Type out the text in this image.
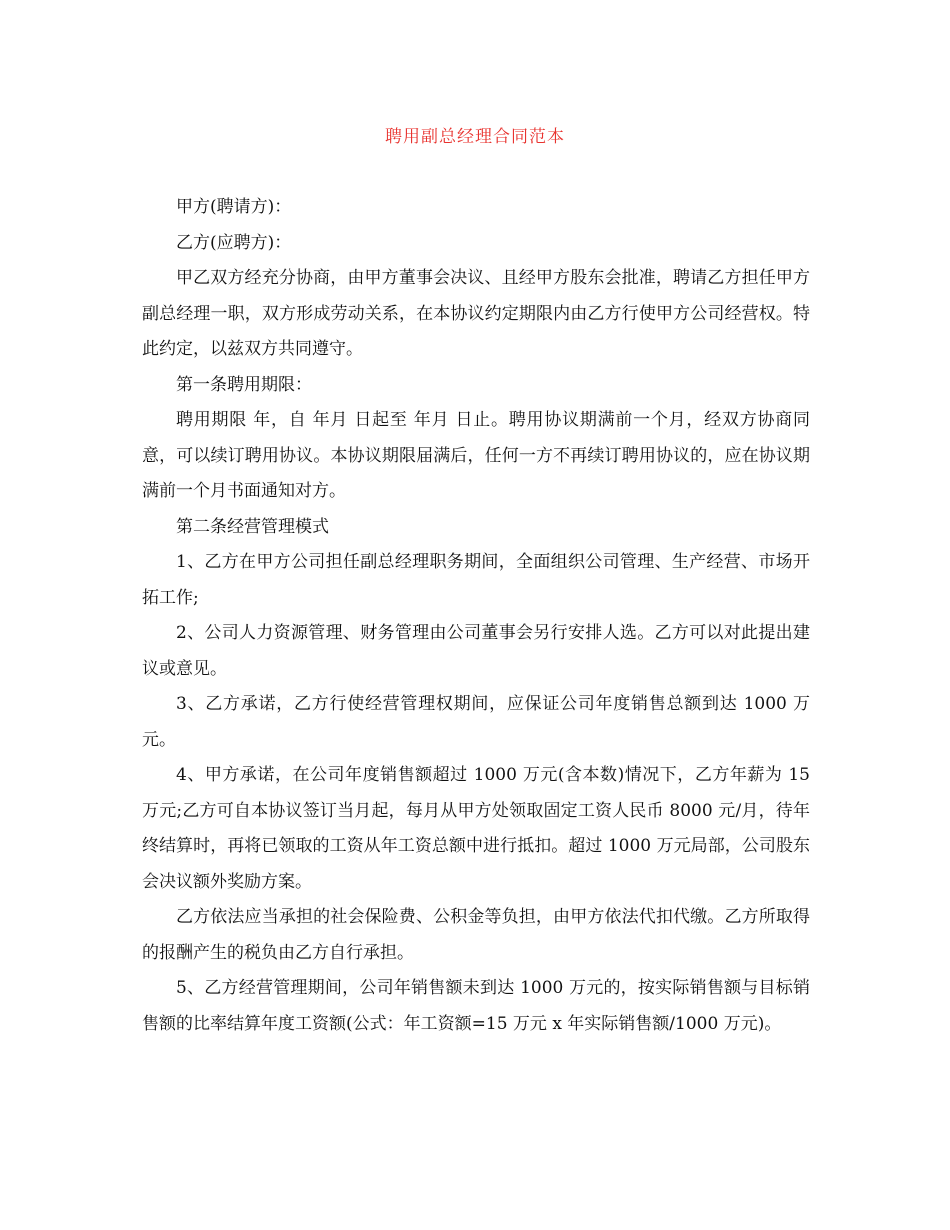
聘用副总经理合同范本

甲方(聘请方)：

乙方(应聘方)：

甲乙双方经充分协商，由甲方董事会决议、且经甲方股东会批准，聘请乙方担任甲方副总经理一职，双方形成劳动关系，在本协议约定期限内由乙方行使甲方公司经营权。特此约定，以兹双方共同遵守。

第一条聘用期限：

聘用期限 年，自 年月 日起至 年月 日止。聘用协议期满前一个月，经双方协商同意，可以续订聘用协议。本协议期限届满后，任何一方不再续订聘用协议的，应在协议期满前一个月书面通知对方。

第二条经营管理模式

1、乙方在甲方公司担任副总经理职务期间，全面组织公司管理、生产经营、市场开拓工作;

2、公司人力资源管理、财务管理由公司董事会另行安排人选。乙方可以对此提出建议或意见。

3、乙方承诺，乙方行使经营管理权期间，应保证公司年度销售总额到达 1000 万元。

4、甲方承诺，在公司年度销售额超过 1000 万元(含本数)情况下，乙方年薪为 15 万元;乙方可自本协议签订当月起，每月从甲方处领取固定工资人民币 8000 元/月，待年终结算时，再将已领取的工资从年工资总额中进行抵扣。超过 1000 万元局部，公司股东会决议额外奖励方案。

乙方依法应当承担的社会保险费、公积金等负担，由甲方依法代扣代缴。乙方所取得的报酬产生的税负由乙方自行承担。

5、乙方经营管理期间，公司年销售额未到达 1000 万元的，按实际销售额与目标销售额的比率结算年度工资额(公式：年工资额=15 万元 x 年实际销售额/1000 万元)。
